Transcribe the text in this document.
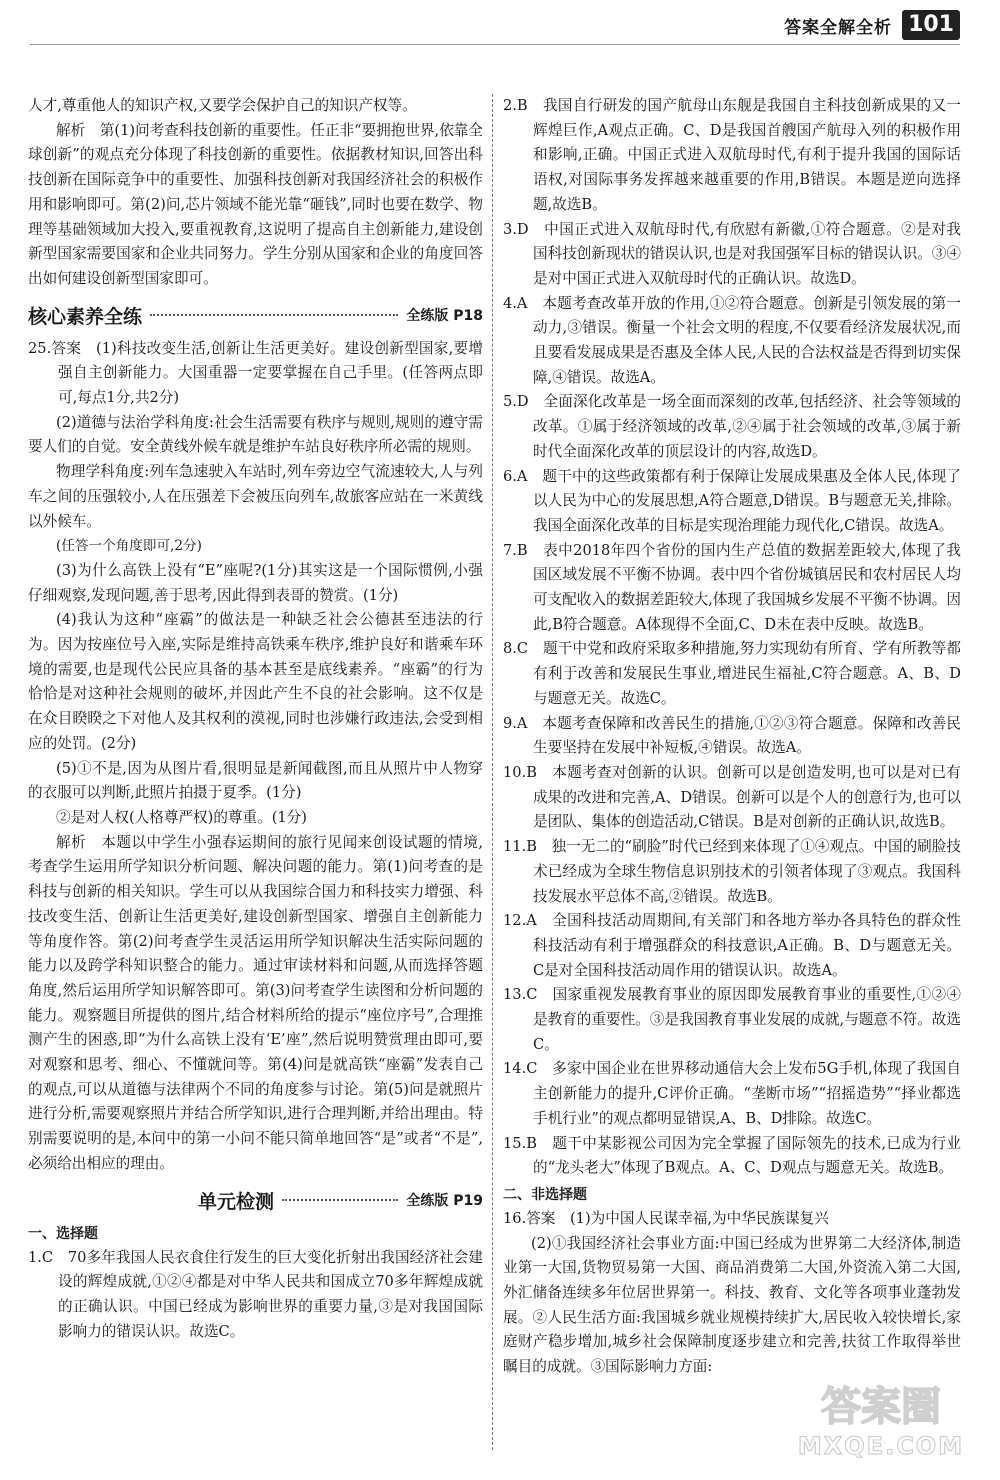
答案全解全析 101

人才,尊重他人的知识产权,又要学会保护自己的知识产权等。

解析　第(1)问考查科技创新的重要性。任正非“要拥抱世界,依靠全球创新”的观点充分体现了科技创新的重要性。依据教材知识,回答出科技创新在国际竞争中的重要性、加强科技创新对我国经济社会的积极作用和影响即可。第(2)问,芯片领域不能光靠“砸钱”,同时也要在数学、物理等基础领域加大投入,要重视教育,这说明了提高自主创新能力,建设创新型国家需要国家和企业共同努力。学生分别从国家和企业的角度回答出如何建设创新型国家即可。

核心素养全练	全练版 P18

25.答案　(1)科技改变生活,创新让生活更美好。建设创新型国家,要增强自主创新能力。大国重器一定要掌握在自己手里。(任答两点即可,每点1分,共2分)

(2)道德与法治学科角度:社会生活需要有秩序与规则,规则的遵守需要人们的自觉。安全黄线外候车就是维护车站良好秩序所必需的规则。

物理学科角度:列车急速驶入车站时,列车旁边空气流速较大,人与列车之间的压强较小,人在压强差下会被压向列车,故旅客应站在一米黄线以外候车。

(任答一个角度即可,2分)

(3)为什么高铁上没有“E”座呢?(1分)其实这是一个国际惯例,小强仔细观察,发现问题,善于思考,因此得到表哥的赞赏。(1分)

(4)我认为这种“座霸”的做法是一种缺乏社会公德甚至违法的行为。因为按座位号入座,实际是维持高铁乘车秩序,维护良好和谐乘车环境的需要,也是现代公民应具备的基本甚至是底线素养。“座霸”的行为恰恰是对这种社会规则的破坏,并因此产生不良的社会影响。这不仅是在众目睽睽之下对他人及其权利的漠视,同时也涉嫌行政违法,会受到相应的处罚。(2分)

(5)①不是,因为从图片看,很明显是新闻截图,而且从照片中人物穿的衣服可以判断,此照片拍摄于夏季。(1分)

②是对人权(人格尊严权)的尊重。(1分)

解析　本题以中学生小强春运期间的旅行见闻来创设试题的情境,考查学生运用所学知识分析问题、解决问题的能力。第(1)问考查的是科技与创新的相关知识。学生可以从我国综合国力和科技实力增强、科技改变生活、创新让生活更美好,建设创新型国家、增强自主创新能力等角度作答。第(2)问考查学生灵活运用所学知识解决生活实际问题的能力以及跨学科知识整合的能力。通过审读材料和问题,从而选择答题角度,然后运用所学知识解答即可。第(3)问考查学生读图和分析问题的能力。观察题目所提供的图片,结合材料所给的提示“座位序号”,合理推测产生的困惑,即“为什么高铁上没有‘E’座”,然后说明赞赏理由即可,要对观察和思考、细心、不懂就问等。第(4)问是就高铁“座霸”发表自己的观点,可以从道德与法律两个不同的角度参与讨论。第(5)问是就照片进行分析,需要观察照片并结合所学知识,进行合理判断,并给出理由。特别需要说明的是,本问中的第一小问不能只简单地回答“是”或者“不是”,必须给出相应的理由。

单元检测	全练版 P19
一、选择题

1.C　70多年我国人民衣食住行发生的巨大变化折射出我国经济社会建设的辉煌成就,①②④都是对中华人民共和国成立70多年辉煌成就的正确认识。中国已经成为影响世界的重要力量,③是对我国国际影响力的错误认识。故选C。

2.B　我国自行研发的国产航母山东舰是我国自主科技创新成果的又一辉煌巨作,A观点正确。C、D是我国首艘国产航母入列的积极作用和影响,正确。中国正式进入双航母时代,有利于提升我国的国际话语权,对国际事务发挥越来越重要的作用,B错误。本题是逆向选择题,故选B。

3.D　中国正式进入双航母时代,有欣慰有新徽,①符合题意。②是对我国科技创新现状的错误认识,也是对我国强军目标的错误认识。③④是对中国正式进入双航母时代的正确认识。故选D。

4.A　本题考查改革开放的作用,①②符合题意。创新是引领发展的第一动力,③错误。衡量一个社会文明的程度,不仅要看经济发展状况,而且要看发展成果是否惠及全体人民,人民的合法权益是否得到切实保障,④错误。故选A。

5.D　全面深化改革是一场全面而深刻的改革,包括经济、社会等领域的改革。①属于经济领域的改革,②④属于社会领域的改革,③属于新时代全面深化改革的顶层设计的内容,故选D。

6.A　题干中的这些政策都有利于保障让发展成果惠及全体人民,体现了以人民为中心的发展思想,A符合题意,D错误。B与题意无关,排除。我国全面深化改革的目标是实现治理能力现代化,C错误。故选A。

7.B　表中2018年四个省份的国内生产总值的数据差距较大,体现了我国区域发展不平衡不协调。表中四个省份城镇居民和农村居民人均可支配收入的数据差距较大,体现了我国城乡发展不平衡不协调。因此,B符合题意。A体现得不全面,C、D未在表中反映。故选B。

8.C　题干中党和政府采取多种措施,努力实现幼有所育、学有所教等都有利于改善和发展民生事业,增进民生福祉,C符合题意。A、B、D与题意无关。故选C。

9.A　本题考查保障和改善民生的措施,①②③符合题意。保障和改善民生要坚持在发展中补短板,④错误。故选A。

10.B　本题考查对创新的认识。创新可以是创造发明,也可以是对已有成果的改进和完善,A、D错误。创新可以是个人的创意行为,也可以是团队、集体的创造活动,C错误。B是对创新的正确认识,故选B。

11.B　独一无二的“刷脸”时代已经到来体现了①④观点。中国的刷脸技术已经成为全球生物信息识别技术的引领者体现了③观点。我国科技发展水平总体不高,②错误。故选B。

12.A　全国科技活动周期间,有关部门和各地方举办各具特色的群众性科技活动有利于增强群众的科技意识,A正确。B、D与题意无关。C是对全国科技活动周作用的错误认识。故选A。

13.C　国家重视发展教育事业的原因即发展教育事业的重要性,①②④是教育的重要性。③是我国教育事业发展的成就,与题意不符。故选C。

14.C　多家中国企业在世界移动通信大会上发布5G手机,体现了我国自主创新能力的提升,C评价正确。“垄断市场”“招摇造势”“择业都选手机行业”的观点都明显错误,A、B、D排除。故选C。

15.B　题干中某影视公司因为完全掌握了国际领先的技术,已成为行业的“龙头老大”体现了B观点。A、C、D观点与题意无关。故选B。

二、非选择题

16.答案　(1)为中国人民谋幸福,为中华民族谋复兴

(2)①我国经济社会事业方面:中国已经成为世界第二大经济体,制造业第一大国,货物贸易第一大国、商品消费第二大国,外资流入第二大国,外汇储备连续多年位居世界第一。科技、教育、文化等各项事业蓬勃发展。②人民生活方面:我国城乡就业规模持续扩大,居民收入较快增长,家庭财产稳步增加,城乡社会保障制度逐步建立和完善,扶贫工作取得举世瞩目的成就。③国际影响力方面:

答案圈
MXQE.COM
